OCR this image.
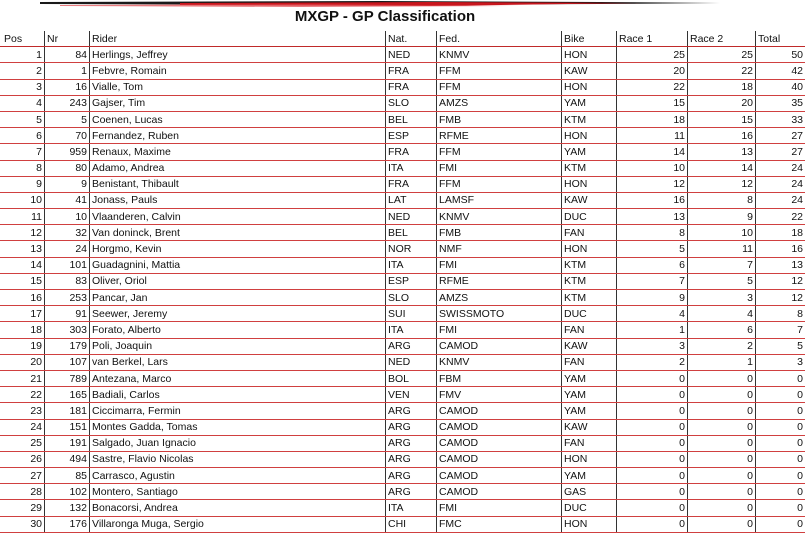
MXGP - GP Classification
Pos	Nr	Rider	Nat.	Fed.	Bike	Race 1	Race 2	Total
1	84	Herlings, Jeffrey	NED	KNMV	HON	25	25	50
2	1	Febvre, Romain	FRA	FFM	KAW	20	22	42
3	16	Vialle, Tom	FRA	FFM	HON	22	18	40
4	243	Gajser, Tim	SLO	AMZS	YAM	15	20	35
5	5	Coenen, Lucas	BEL	FMB	KTM	18	15	33
6	70	Fernandez, Ruben	ESP	RFME	HON	11	16	27
7	959	Renaux, Maxime	FRA	FFM	YAM	14	13	27
8	80	Adamo, Andrea	ITA	FMI	KTM	10	14	24
9	9	Benistant, Thibault	FRA	FFM	HON	12	12	24
10	41	Jonass, Pauls	LAT	LAMSF	KAW	16	8	24
11	10	Vlaanderen, Calvin	NED	KNMV	DUC	13	9	22
12	32	Van doninck, Brent	BEL	FMB	FAN	8	10	18
13	24	Horgmo, Kevin	NOR	NMF	HON	5	11	16
14	101	Guadagnini, Mattia	ITA	FMI	KTM	6	7	13
15	83	Oliver, Oriol	ESP	RFME	KTM	7	5	12
16	253	Pancar, Jan	SLO	AMZS	KTM	9	3	12
17	91	Seewer, Jeremy	SUI	SWISSMOTO	DUC	4	4	8
18	303	Forato, Alberto	ITA	FMI	FAN	1	6	7
19	179	Poli, Joaquin	ARG	CAMOD	KAW	3	2	5
20	107	van Berkel, Lars	NED	KNMV	FAN	2	1	3
21	789	Antezana, Marco	BOL	FBM	YAM	0	0	0
22	165	Badiali, Carlos	VEN	FMV	YAM	0	0	0
23	181	Ciccimarra, Fermin	ARG	CAMOD	YAM	0	0	0
24	151	Montes Gadda, Tomas	ARG	CAMOD	KAW	0	0	0
25	191	Salgado, Juan Ignacio	ARG	CAMOD	FAN	0	0	0
26	494	Sastre, Flavio Nicolas	ARG	CAMOD	HON	0	0	0
27	85	Carrasco, Agustin	ARG	CAMOD	YAM	0	0	0
28	102	Montero, Santiago	ARG	CAMOD	GAS	0	0	0
29	132	Bonacorsi, Andrea	ITA	FMI	DUC	0	0	0
30	176	Villaronga Muga, Sergio	CHI	FMC	HON	0	0	0
